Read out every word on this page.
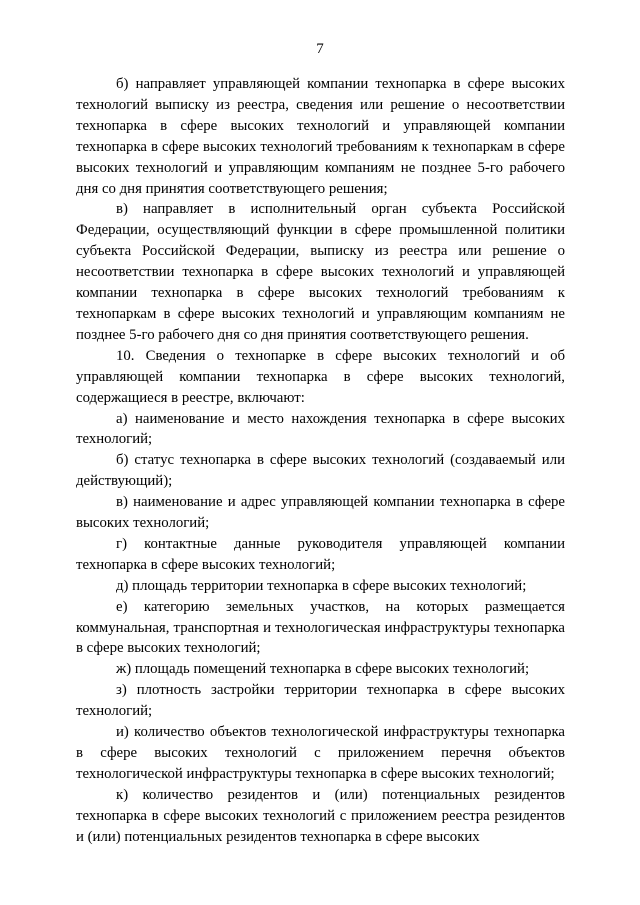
7

б) направляет управляющей компании технопарка в сфере высоких технологий выписку из реестра, сведения или решение о несоответствии технопарка в сфере высоких технологий и управляющей компании технопарка в сфере высоких технологий требованиям к технопаркам в сфере высоких технологий и управляющим компаниям не позднее 5-го рабочего дня со дня принятия соответствующего решения;

в) направляет в исполнительный орган субъекта Российской Федерации, осуществляющий функции в сфере промышленной политики субъекта Российской Федерации, выписку из реестра или решение о несоответствии технопарка в сфере высоких технологий и управляющей компании технопарка в сфере высоких технологий требованиям к технопаркам в сфере высоких технологий и управляющим компаниям не позднее 5-го рабочего дня со дня принятия соответствующего решения.

10. Сведения о технопарке в сфере высоких технологий и об управляющей компании технопарка в сфере высоких технологий, содержащиеся в реестре, включают:

а) наименование и место нахождения технопарка в сфере высоких технологий;

б) статус технопарка в сфере высоких технологий (создаваемый или действующий);

в) наименование и адрес управляющей компании технопарка в сфере высоких технологий;

г) контактные данные руководителя управляющей компании технопарка в сфере высоких технологий;

д) площадь территории технопарка в сфере высоких технологий;

е) категорию земельных участков, на которых размещается коммунальная, транспортная и технологическая инфраструктуры технопарка в сфере высоких технологий;

ж) площадь помещений технопарка в сфере высоких технологий;

з) плотность застройки территории технопарка в сфере высоких технологий;

и) количество объектов технологической инфраструктуры технопарка в сфере высоких технологий с приложением перечня объектов технологической инфраструктуры технопарка в сфере высоких технологий;

к) количество резидентов и (или) потенциальных резидентов технопарка в сфере высоких технологий с приложением реестра резидентов и (или) потенциальных резидентов технопарка в сфере высоких
